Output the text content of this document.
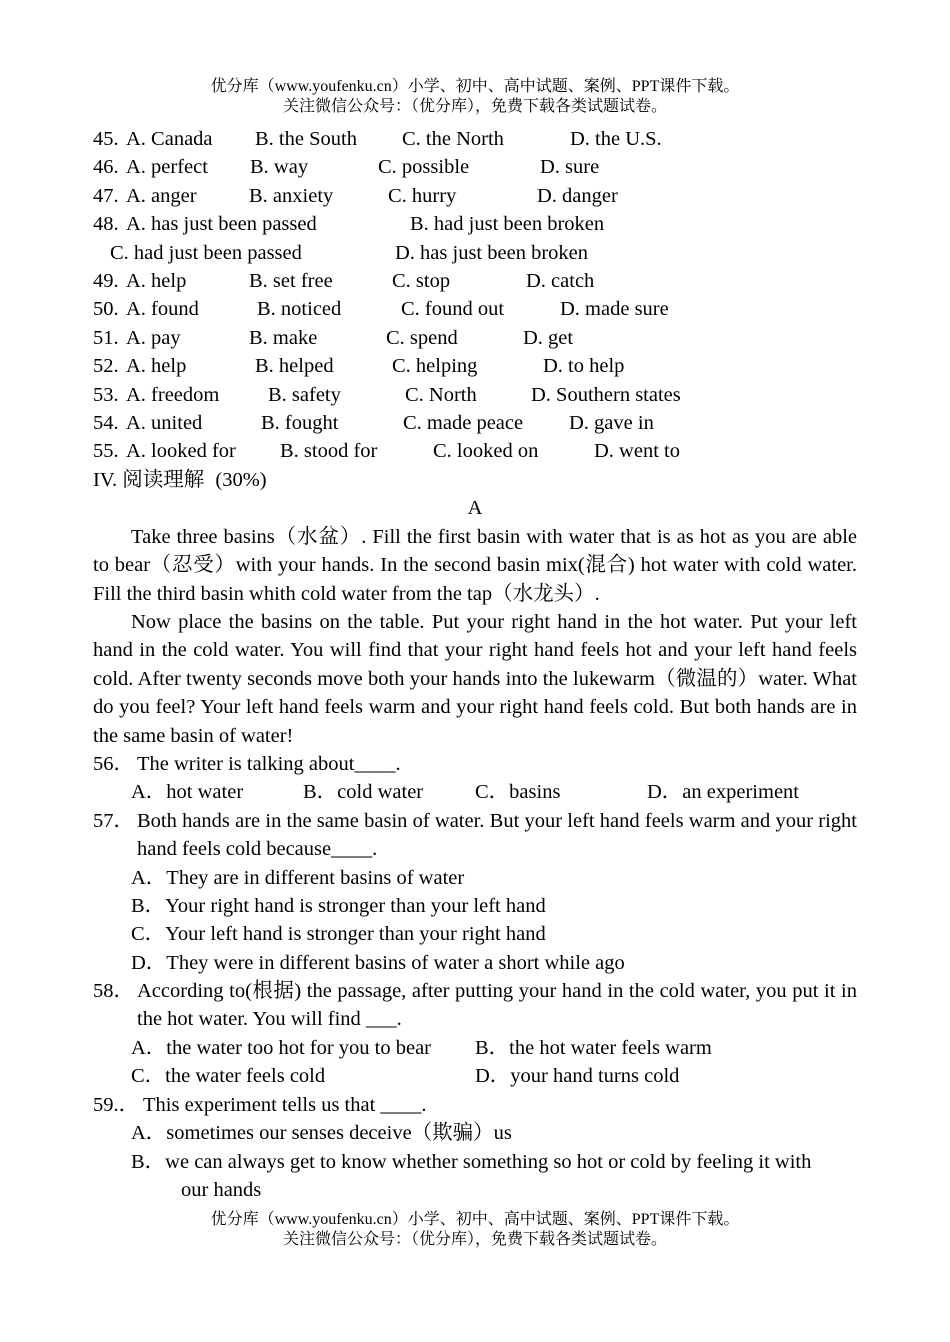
优分库（www.youfenku.cn）小学、初中、高中试题、案例、PPT课件下载。
关注微信公众号：（优分库），免费下载各类试题试卷。
45. A. Canada B. the South C. the North	D. the U.S.
46. A. perfect B. way	C. possible	D. sure
47. A. anger	B. anxiety	C. hurry	D. danger
48. A. has just been passed	B. had just been broken
C. had just been passed	D. has just been broken
49. A. help	B. set free	C. stop	D. catch
50. A. found	B. noticed	C. found out	D. made sure
51. A. pay	B. make	C. spend	D. get
52. A. help	B. helped	C. helping	D. to help
53. A. freedom B. safety	C. North	D. Southern states
54. A. united	B. fought	C. made peace D. gave in
55. A. looked for B. stood for	C. looked on	D. went to
IV. 阅读理解 (30%)
A
Take three basins（水盆）. Fill the first basin with water that is as hot as you are able to bear（忍受）with your hands. In the second basin mix(混合) hot water with cold water. Fill the third basin whith cold water from the tap（水龙头）.
Now place the basins on the table. Put your right hand in the hot water. Put your left hand in the cold water. You will find that your right hand feels hot and your left hand feels cold. After twenty seconds move both your hands into the lukewarm（微温的）water. What do you feel? Your left hand feels warm and your right hand feels cold. But both hands are in the same basin of water!
56． The writer is talking about____.
A．hot water	B．cold water	C．basins	D．an experiment
57． Both hands are in the same basin of water. But your left hand feels warm and your right hand feels cold because____.
A．They are in different basins of water
B．Your right hand is stronger than your left hand
C．Your left hand is stronger than your right hand
D．They were in different basins of water a short while ago
58． According to(根据) the passage, after putting your hand in the cold water, you put it in the hot water. You will find ___.
A．the water too hot for you to bear B．the hot water feels warm
C．the water feels cold	D．your hand turns cold
59.． This experiment tells us that ____.
A．sometimes our senses deceive（欺骗）us
B．we can always get to know whether something so hot or cold by feeling it with
our hands
优分库（www.youfenku.cn）小学、初中、高中试题、案例、PPT课件下载。
关注微信公众号：（优分库），免费下载各类试题试卷。
